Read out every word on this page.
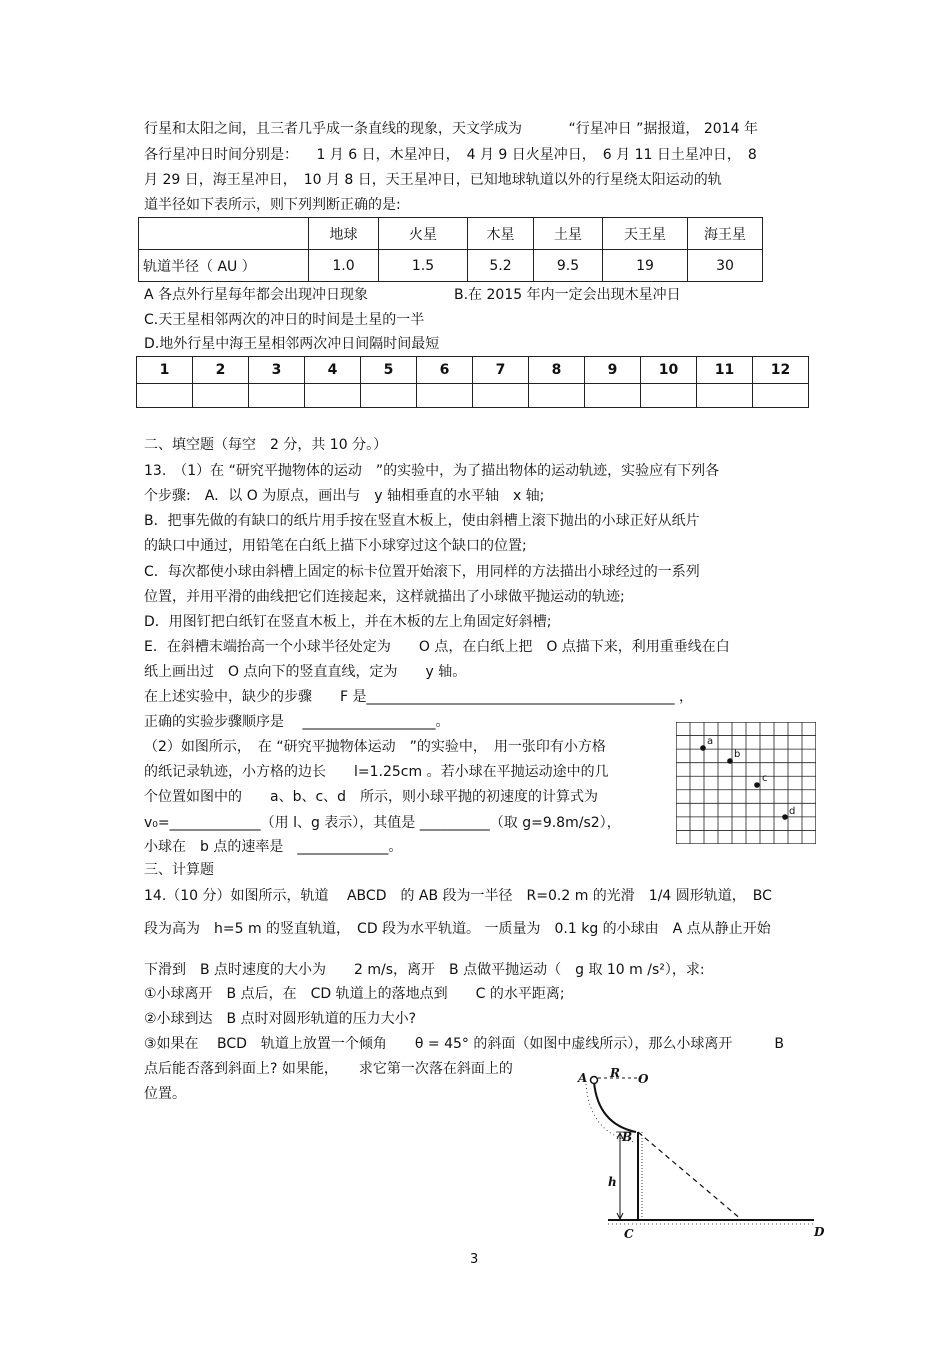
行星和太阳之间，且三者几乎成一条直线的现象，天文学成为　　　 “行星冲日 ”据报道， 2014 年
各行星冲日时间分别是： 　1 月 6 日，木星冲日，　4 月 9 日火星冲日，　6 月 11 日土星冲日，　8
月 29 日，海王星冲日，　10 月 8 日，天王星冲日，已知地球轨道以外的行星绕太阳运动的轨
道半径如下表所示，则下列判断正确的是:
	地球	火星	木星	土星	天王星	海王星
轨道半径（ AU ）	1.0	1.5	5.2	9.5	19	30
A 各点外行星每年都会出现冲日现象	B.在 2015 年内一定会出现木星冲日
C.天王星相邻两次的冲日的时间是土星的一半
D.地外行星中海王星相邻两次冲日间隔时间最短
1	2	3	4	5	6	7	8	9	10	11	12

二、填空题（每空　2 分，共 10 分。）
13.　（1）在 “研究平抛物体的运动　”的实验中，为了描出物体的运动轨迹，实验应有下列各
个步骤:　A．以 O 为原点，画出与　y 轴相垂直的水平轴　x 轴;
B．把事先做的有缺口的纸片用手按在竖直木板上，使由斜槽上滚下抛出的小球正好从纸片
的缺口中通过，用铅笔在白纸上描下小球穿过这个缺口的位置;
C．每次都使小球由斜槽上固定的标卡位置开始滚下，用同样的方法描出小球经过的一系列
位置，并用平滑的曲线把它们连接起来，这样就描出了小球做平抛运动的轨迹;
D．用图钉把白纸钉在竖直木板上，并在木板的左上角固定好斜槽;
E．在斜槽末端抬高一个小球半径处定为　　O 点，在白纸上把　O 点描下来，利用重垂线在白
纸上画出过　O 点向下的竖直直线，定为　　y 轴。
在上述实验中，缺少的步骤　　F 是____________________________________________ ，
正确的实验步骤顺序是　 ___________________。
（2）如图所示，　在 “研究平抛物体运动　”的实验中，　用一张印有小方格
的纸记录轨迹，小方格的边长　　l=1.25cm 。若小球在平抛运动途中的几
个位置如图中的　　a、b、c、d　所示，则小球平抛的初速度的计算式为
v₀=_____________（用 l、g 表示），其值是 __________（取 g=9.8m/s2），
小球在　b 点的速率是　_____________。
a
b
c
d
三、计算题
14.（10 分）如图所示，轨道　 ABCD　的 AB 段为一半径　R=0.2 m 的光滑　1/4 圆形轨道，　BC
段为高为　h=5 m 的竖直轨道，　CD 段为水平轨道。 一质量为　0.1 kg 的小球由　A 点从静止开始
下滑到　B 点时速度的大小为　　2 m/s，离开　B 点做平抛运动（　g 取 10 m /s²），求:
①小球离开　B 点后，在　CD 轨道上的落地点到　　C 的水平距离;
②小球到达　B 点时对圆形轨道的压力大小?
③如果在　 BCD　轨道上放置一个倾角　　θ = 45° 的斜面（如图中虚线所示），那么小球离开　　　B
点后能否落到斜面上? 如果能，　　求它第一次落在斜面上的
位置。
A R O
B
h
C	D
3
